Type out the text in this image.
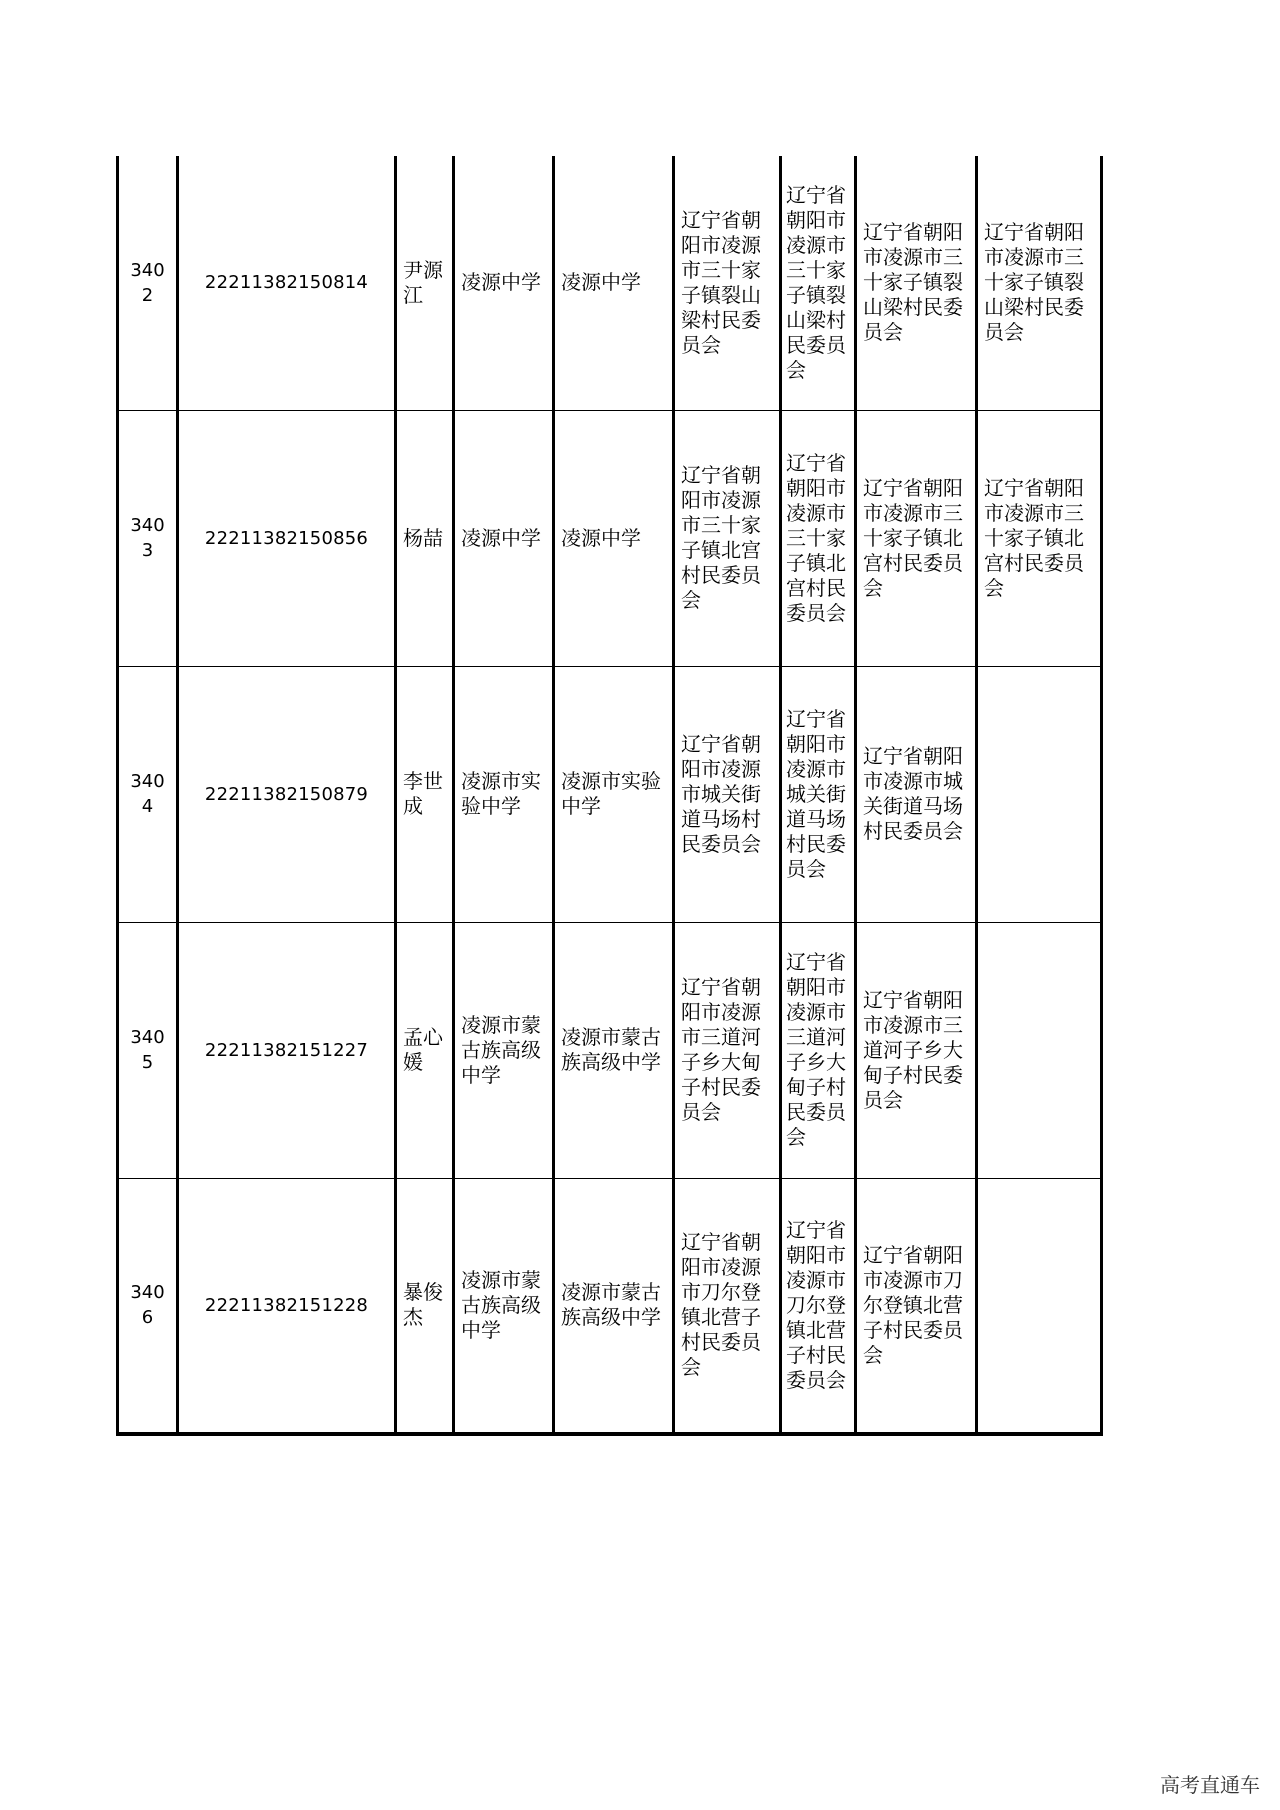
3402	22211382150814	尹源江	凌源中学	凌源中学	辽宁省朝阳市凌源市三十家子镇裂山梁村民委员会	辽宁省朝阳市凌源市三十家子镇裂山梁村民委员会	辽宁省朝阳市凌源市三十家子镇裂山梁村民委员会	辽宁省朝阳市凌源市三十家子镇裂山梁村民委员会
3403	22211382150856	杨喆	凌源中学	凌源中学	辽宁省朝阳市凌源市三十家子镇北宫村民委员会	辽宁省朝阳市凌源市三十家子镇北宫村民委员会	辽宁省朝阳市凌源市三十家子镇北宫村民委员会	辽宁省朝阳市凌源市三十家子镇北宫村民委员会
3404	22211382150879	李世成	凌源市实验中学	凌源市实验中学	辽宁省朝阳市凌源市城关街道马场村民委员会	辽宁省朝阳市凌源市城关街道马场村民委员会	辽宁省朝阳市凌源市城关街道马场村民委员会	
3405	22211382151227	孟心媛	凌源市蒙古族高级中学	凌源市蒙古族高级中学	辽宁省朝阳市凌源市三道河子乡大甸子村民委员会	辽宁省朝阳市凌源市三道河子乡大甸子村民委员会	辽宁省朝阳市凌源市三道河子乡大甸子村民委员会	
3406	22211382151228	暴俊杰	凌源市蒙古族高级中学	凌源市蒙古族高级中学	辽宁省朝阳市凌源市刀尔登镇北营子村民委员会	辽宁省朝阳市凌源市刀尔登镇北营子村民委员会	辽宁省朝阳市凌源市刀尔登镇北营子村民委员会	
高考直通车
